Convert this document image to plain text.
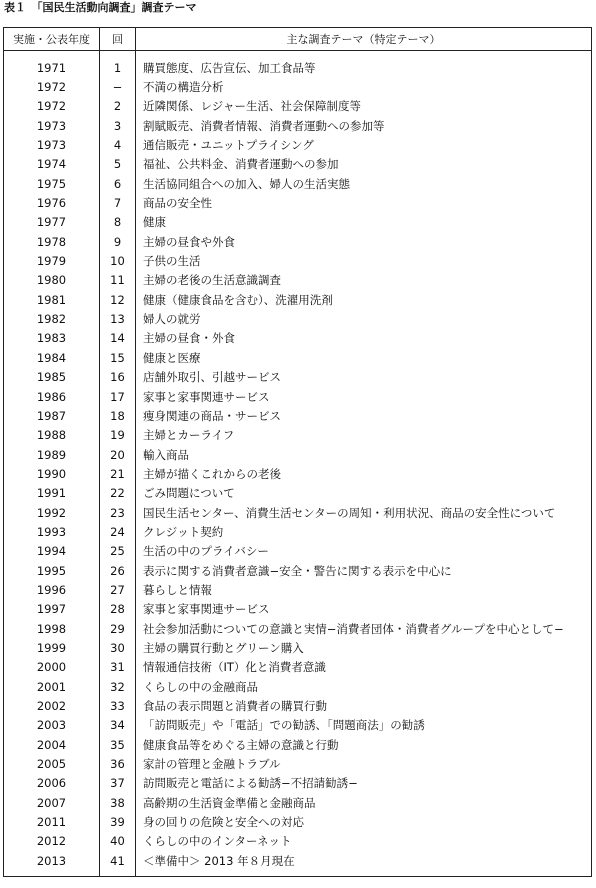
表１　「国民生活動向調査」調査テーマ
実施・公表年度	回	主な調査テーマ（特定テーマ）
1971	1	購買態度、広告宣伝、加工食品等
1972	−	不満の構造分析
1972	2	近隣関係、レジャー生活、社会保障制度等
1973	3	割賦販売、消費者情報、消費者運動への参加等
1973	4	通信販売・ユニットプライシング
1974	5	福祉、公共料金、消費者運動への参加
1975	6	生活協同組合への加入、婦人の生活実態
1976	7	商品の安全性
1977	8	健康
1978	9	主婦の昼食や外食
1979	10	子供の生活
1980	11	主婦の老後の生活意識調査
1981	12	健康（健康食品を含む）、洗濯用洗剤
1982	13	婦人の就労
1983	14	主婦の昼食・外食
1984	15	健康と医療
1985	16	店舗外取引、引越サービス
1986	17	家事と家事関連サービス
1987	18	痩身関連の商品・サービス
1988	19	主婦とカーライフ
1989	20	輸入商品
1990	21	主婦が描くこれからの老後
1991	22	ごみ問題について
1992	23	国民生活センター、消費生活センターの周知・利用状況、商品の安全性について
1993	24	クレジット契約
1994	25	生活の中のプライバシー
1995	26	表示に関する消費者意識−安全・警告に関する表示を中心に
1996	27	暮らしと情報
1997	28	家事と家事関連サービス
1998	29	社会参加活動についての意識と実情−消費者団体・消費者グループを中心として−
1999	30	主婦の購買行動とグリーン購入
2000	31	情報通信技術（IT）化と消費者意識
2001	32	くらしの中の金融商品
2002	33	食品の表示問題と消費者の購買行動
2003	34	「訪問販売」や「電話」での勧誘、「問題商法」の勧誘
2004	35	健康食品等をめぐる主婦の意識と行動
2005	36	家計の管理と金融トラブル
2006	37	訪問販売と電話による勧誘−不招請勧誘−
2007	38	高齢期の生活資金準備と金融商品
2011	39	身の回りの危険と安全への対応
2012	40	くらしの中のインターネット
2013	41	＜準備中＞ 2013 年８月現在
